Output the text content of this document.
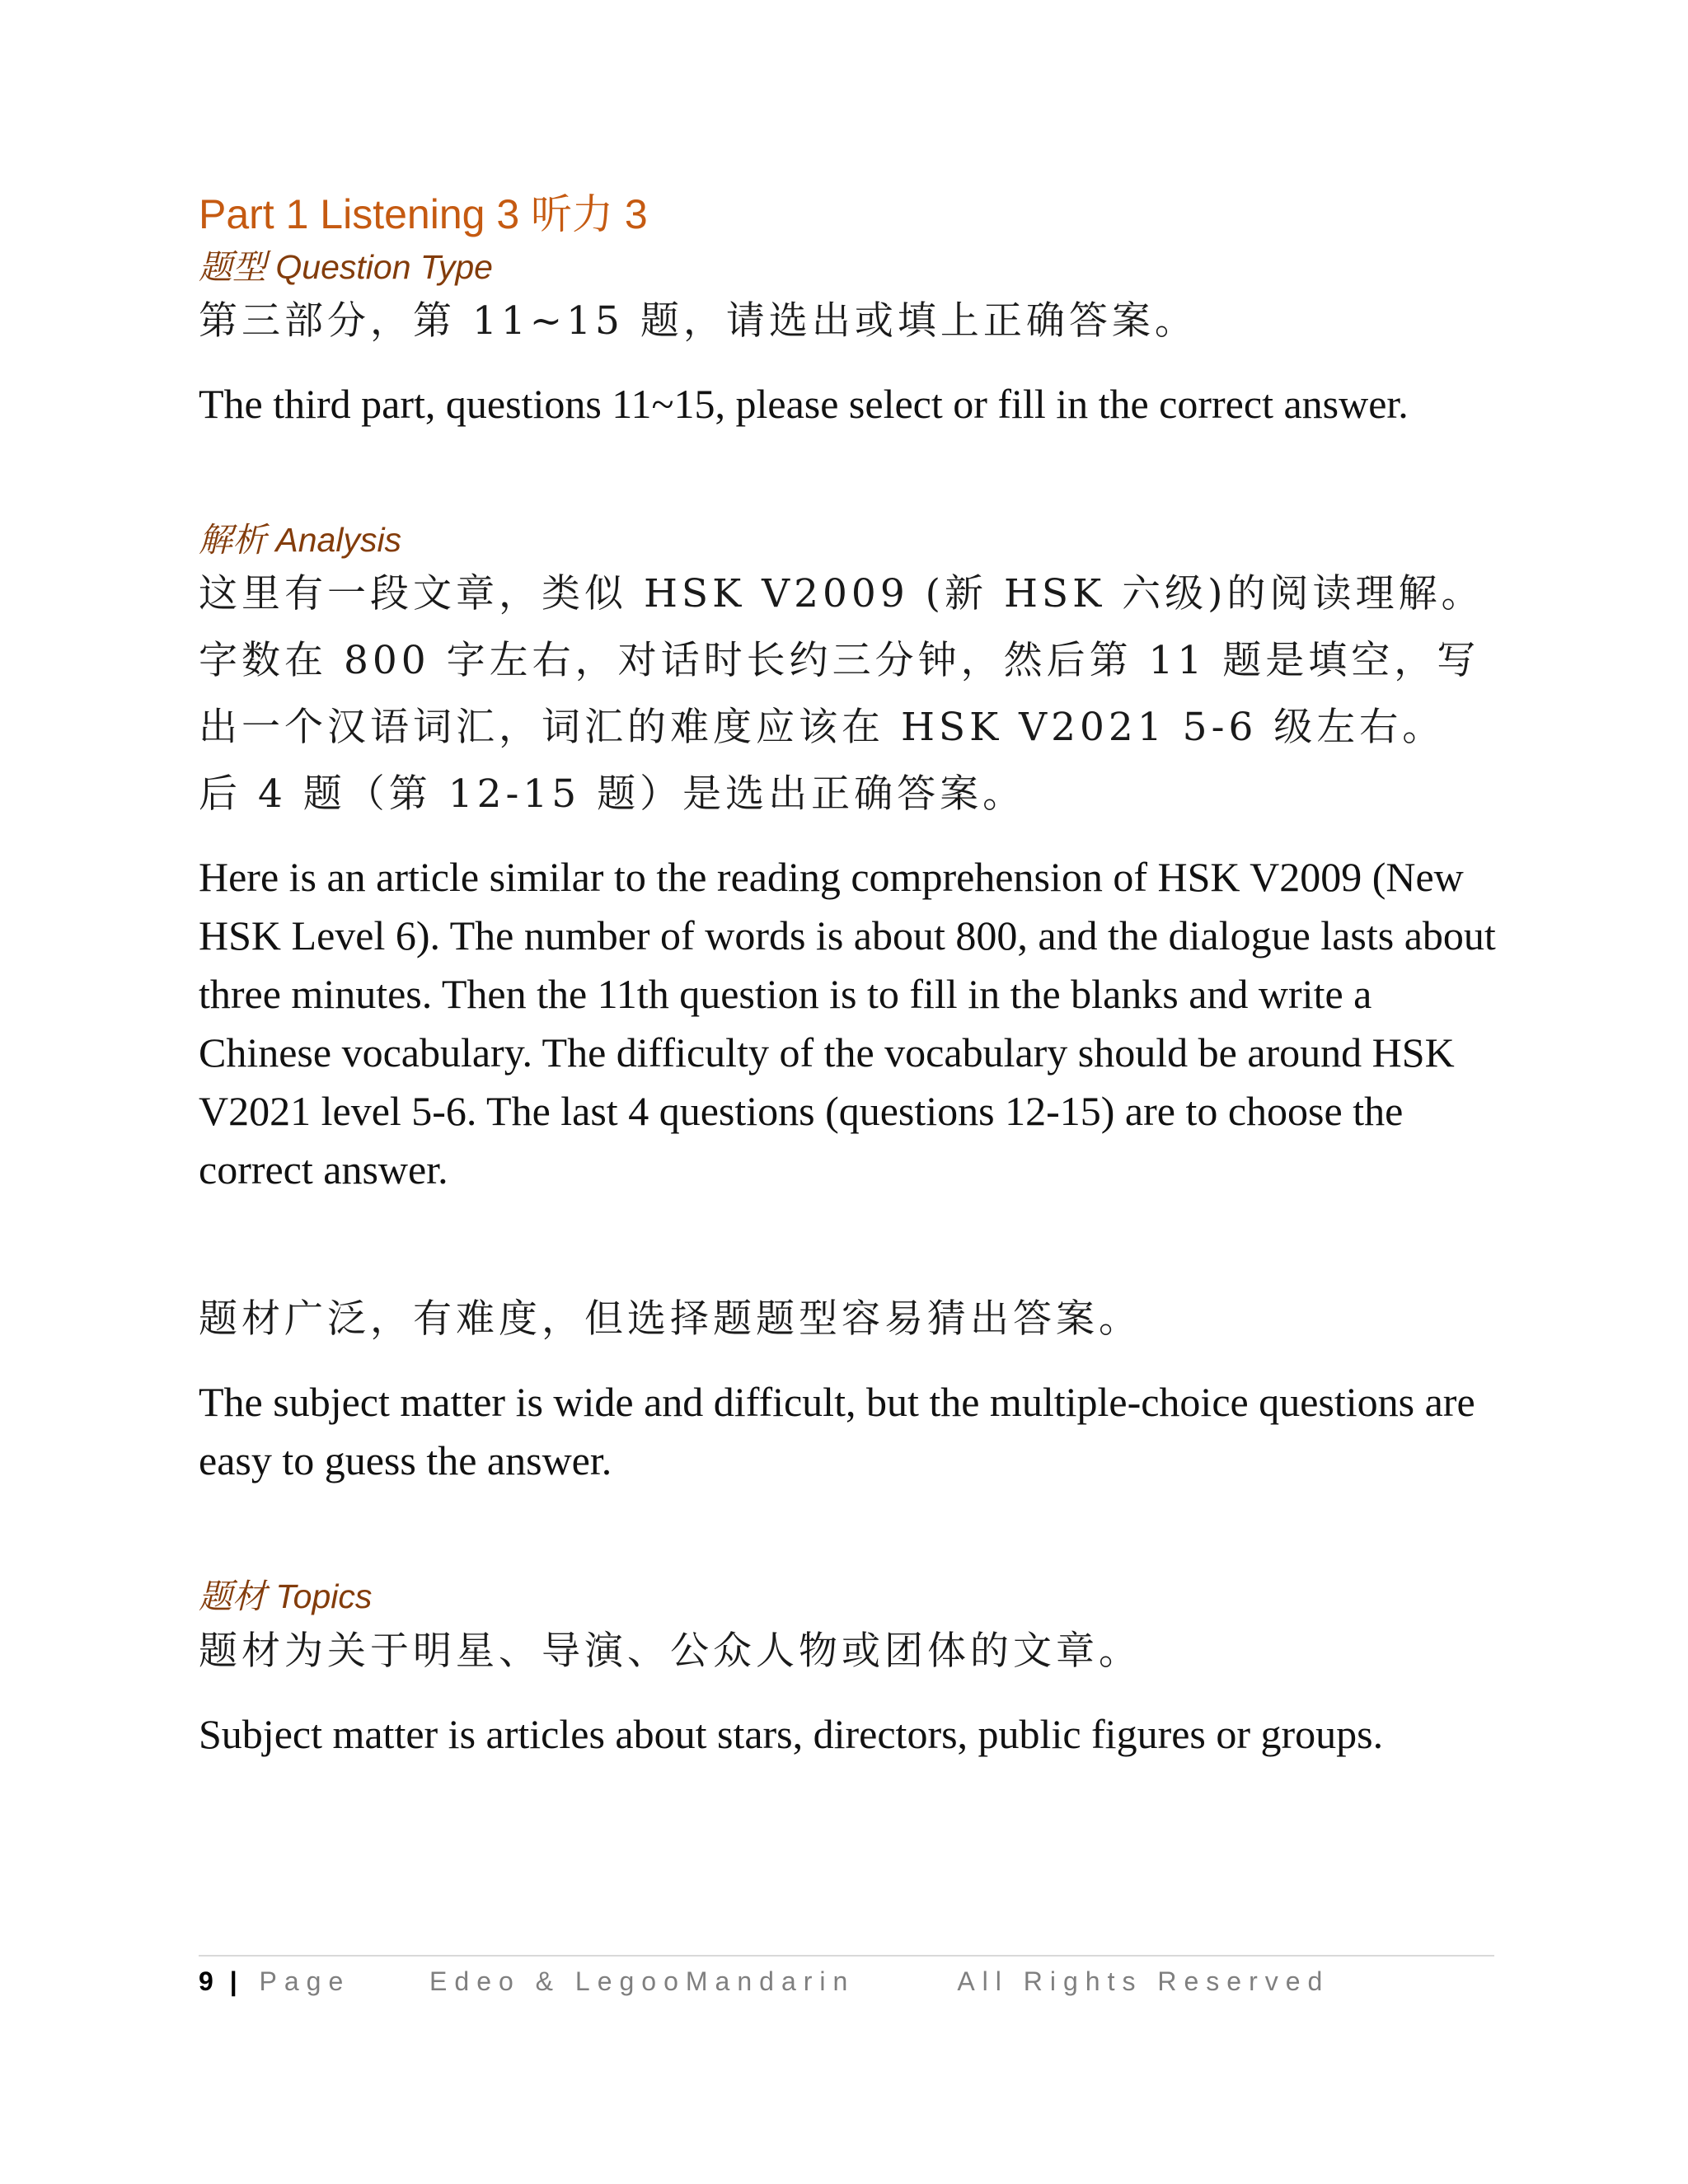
Part 1 Listening 3 听力 3
题型 Question Type

第三部分，第 11~15 题，请选出或填上正确答案。

The third part, questions 11~15, please select or fill in the correct answer.

解析 Analysis

这里有一段文章，类似 HSK V2009 (新 HSK 六级)的阅读理解。字数在 800 字左右，对话时长约三分钟，然后第 11 题是填空，写出一个汉语词汇，词汇的难度应该在 HSK V2021 5-6 级左右。 后 4 题（第 12-15 题）是选出正确答案。

Here is an article similar to the reading comprehension of HSK V2009 (New HSK Level 6). The number of words is about 800, and the dialogue lasts about three minutes. Then the 11th question is to fill in the blanks and write a Chinese vocabulary. The difficulty of the vocabulary should be around HSK V2021 level 5-6. The last 4 questions (questions 12-15) are to choose the correct answer.

题材广泛，有难度，但选择题题型容易猜出答案。

The subject matter is wide and difficult, but the multiple-choice questions are easy to guess the answer.

题材 Topics

题材为关于明星、导演、公众人物或团体的文章。

Subject matter is articles about stars, directors, public figures or groups.

9 | Page	Edeo & LegooMandarin	All Rights Reserved
